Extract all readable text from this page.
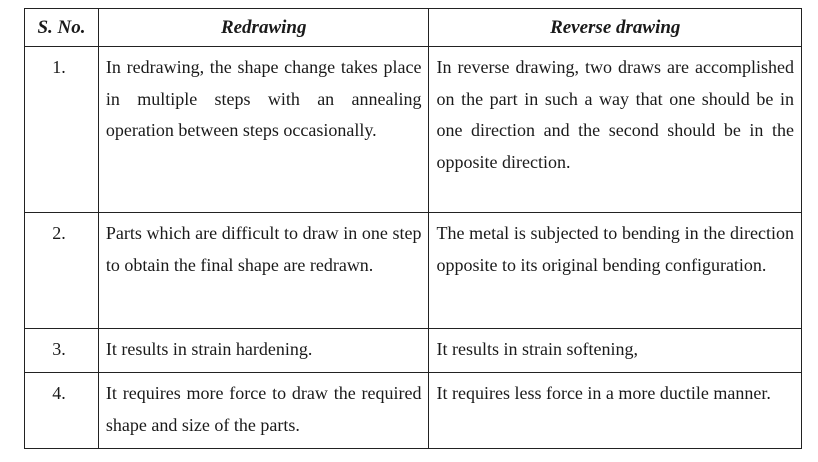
S. No.	Redrawing	Reverse drawing
1.	In redrawing, the shape change takes place in multiple steps with an annealing operation between steps occasionally.	In reverse drawing, two draws are accomplished on the part in such a way that one should be in one direction and the second should be in the opposite direction.
2.	Parts which are difficult to draw in one step to obtain the final shape are redrawn.	The metal is subjected to bending in the direction opposite to its original bending configuration.
3.	It results in strain hardening.	It results in strain softening,
4.	It requires more force to draw the required shape and size of the parts.	It requires less force in a more ductile manner.
